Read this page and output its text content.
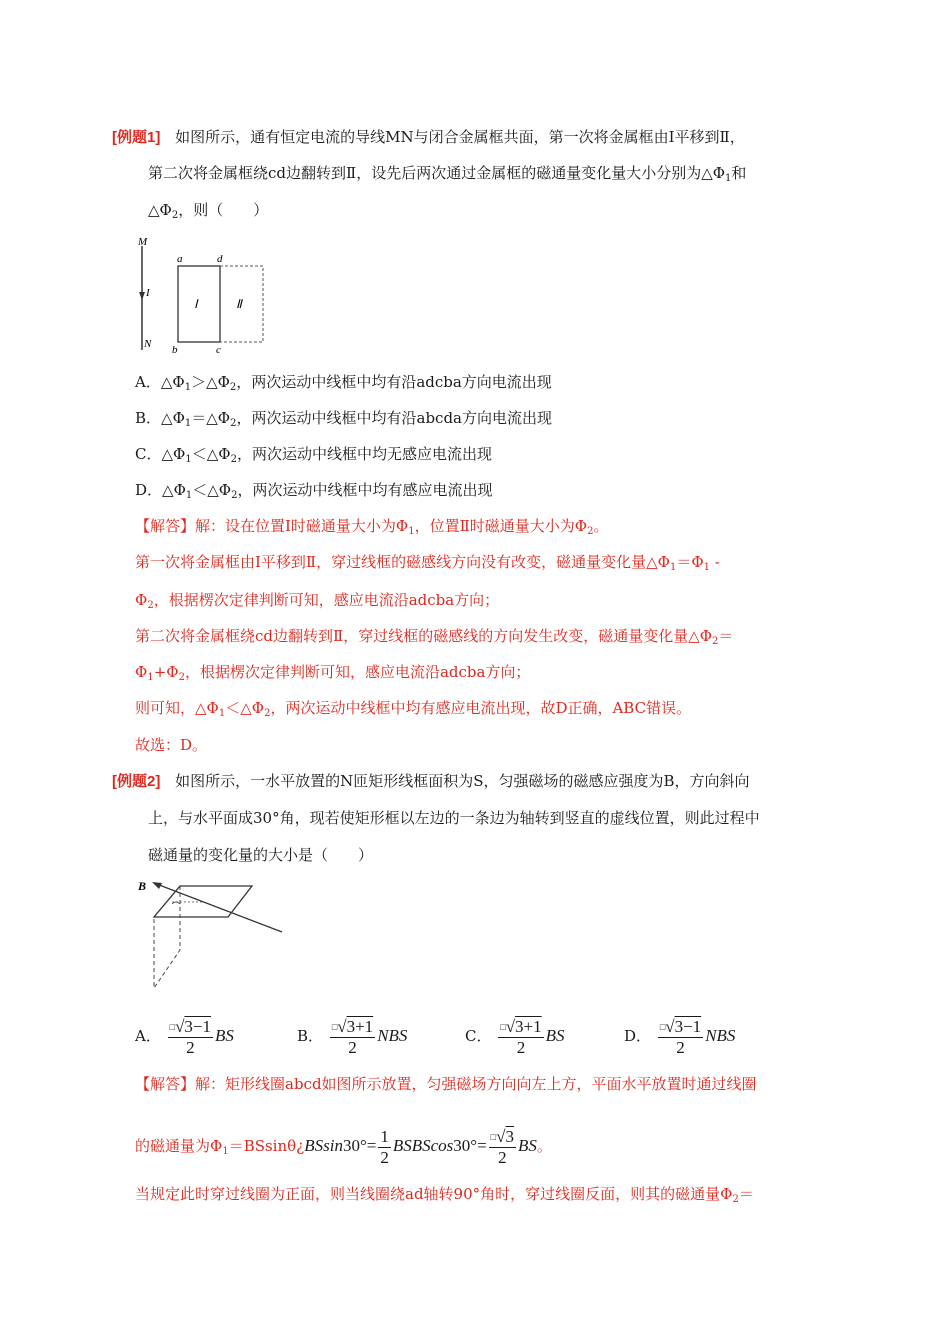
[例题1] 如图所示，通有恒定电流的导线MN与闭合金属框共面，第一次将金属框由Ⅰ平移到Ⅱ，
第二次将金属框绕cd边翻转到Ⅱ，设先后两次通过金属框的磁通量变化量大小分别为$\triangle\Phi_1$和
$\triangle\Phi_2$，则（　　）
M
I
N
a	d
b	c
Ⅰ	Ⅱ
A．$\triangle\Phi_1>\triangle\Phi_2$，两次运动中线框中均有沿adcba方向电流出现
B．$\triangle\Phi_1=\triangle\Phi_2$，两次运动中线框中均有沿abcda方向电流出现
C．$\triangle\Phi_1<\triangle\Phi_2$，两次运动中线框中均无感应电流出现
D．$\triangle\Phi_1<\triangle\Phi_2$，两次运动中线框中均有感应电流出现
【解答】解：设在位置Ⅰ时磁通量大小为$\Phi_1$，位置Ⅱ时磁通量大小为$\Phi_2$。
第一次将金属框由Ⅰ平移到Ⅱ，穿过线框的磁感线方向没有改变，磁通量变化量$\triangle\Phi_1=\Phi_1$ -
$\Phi_2$，根据楞次定律判断可知，感应电流沿adcba方向；
第二次将金属框绕cd边翻转到Ⅱ，穿过线框的磁感线的方向发生改变，磁通量变化量$\triangle\Phi_2=$
$\Phi_1+\Phi_2$，根据楞次定律判断可知，感应电流沿adcba方向；
则可知，$\triangle\Phi_1<\triangle\Phi_2$，两次运动中线框中均有感应电流出现，故D正确，ABC错误。
故选：D。
[例题2] 如图所示，一水平放置的N匝矩形线框面积为S，匀强磁场的磁感应强度为B，方向斜向
上，与水平面成30°角，现若使矩形框以左边的一条边为轴转到竖直的虚线位置，则此过程中
磁通量的变化量的大小是（　　）
B
A． $\frac{^□√3-1}{2}$ BS	B． $\frac{^□√3+1}{2}$ NBS	C． $\frac{^□√3+1}{2}$ BS	D． $\frac{^□√3-1}{2}$ NBS
【解答】解：矩形线圈abcd如图所示放置，匀强磁场方向向左上方，平面水平放置时通过线圈
的磁通量为$\Phi_1=BSsin\theta¿BSsin30^\circ= \frac{1}{2}$ BSBScos30°= $\frac{^□√3}{2}$ BS。
当规定此时穿过线圈为正面，则当线圈绕ad轴转90°角时，穿过线圈反面，则其的磁通量$\Phi_2=$
